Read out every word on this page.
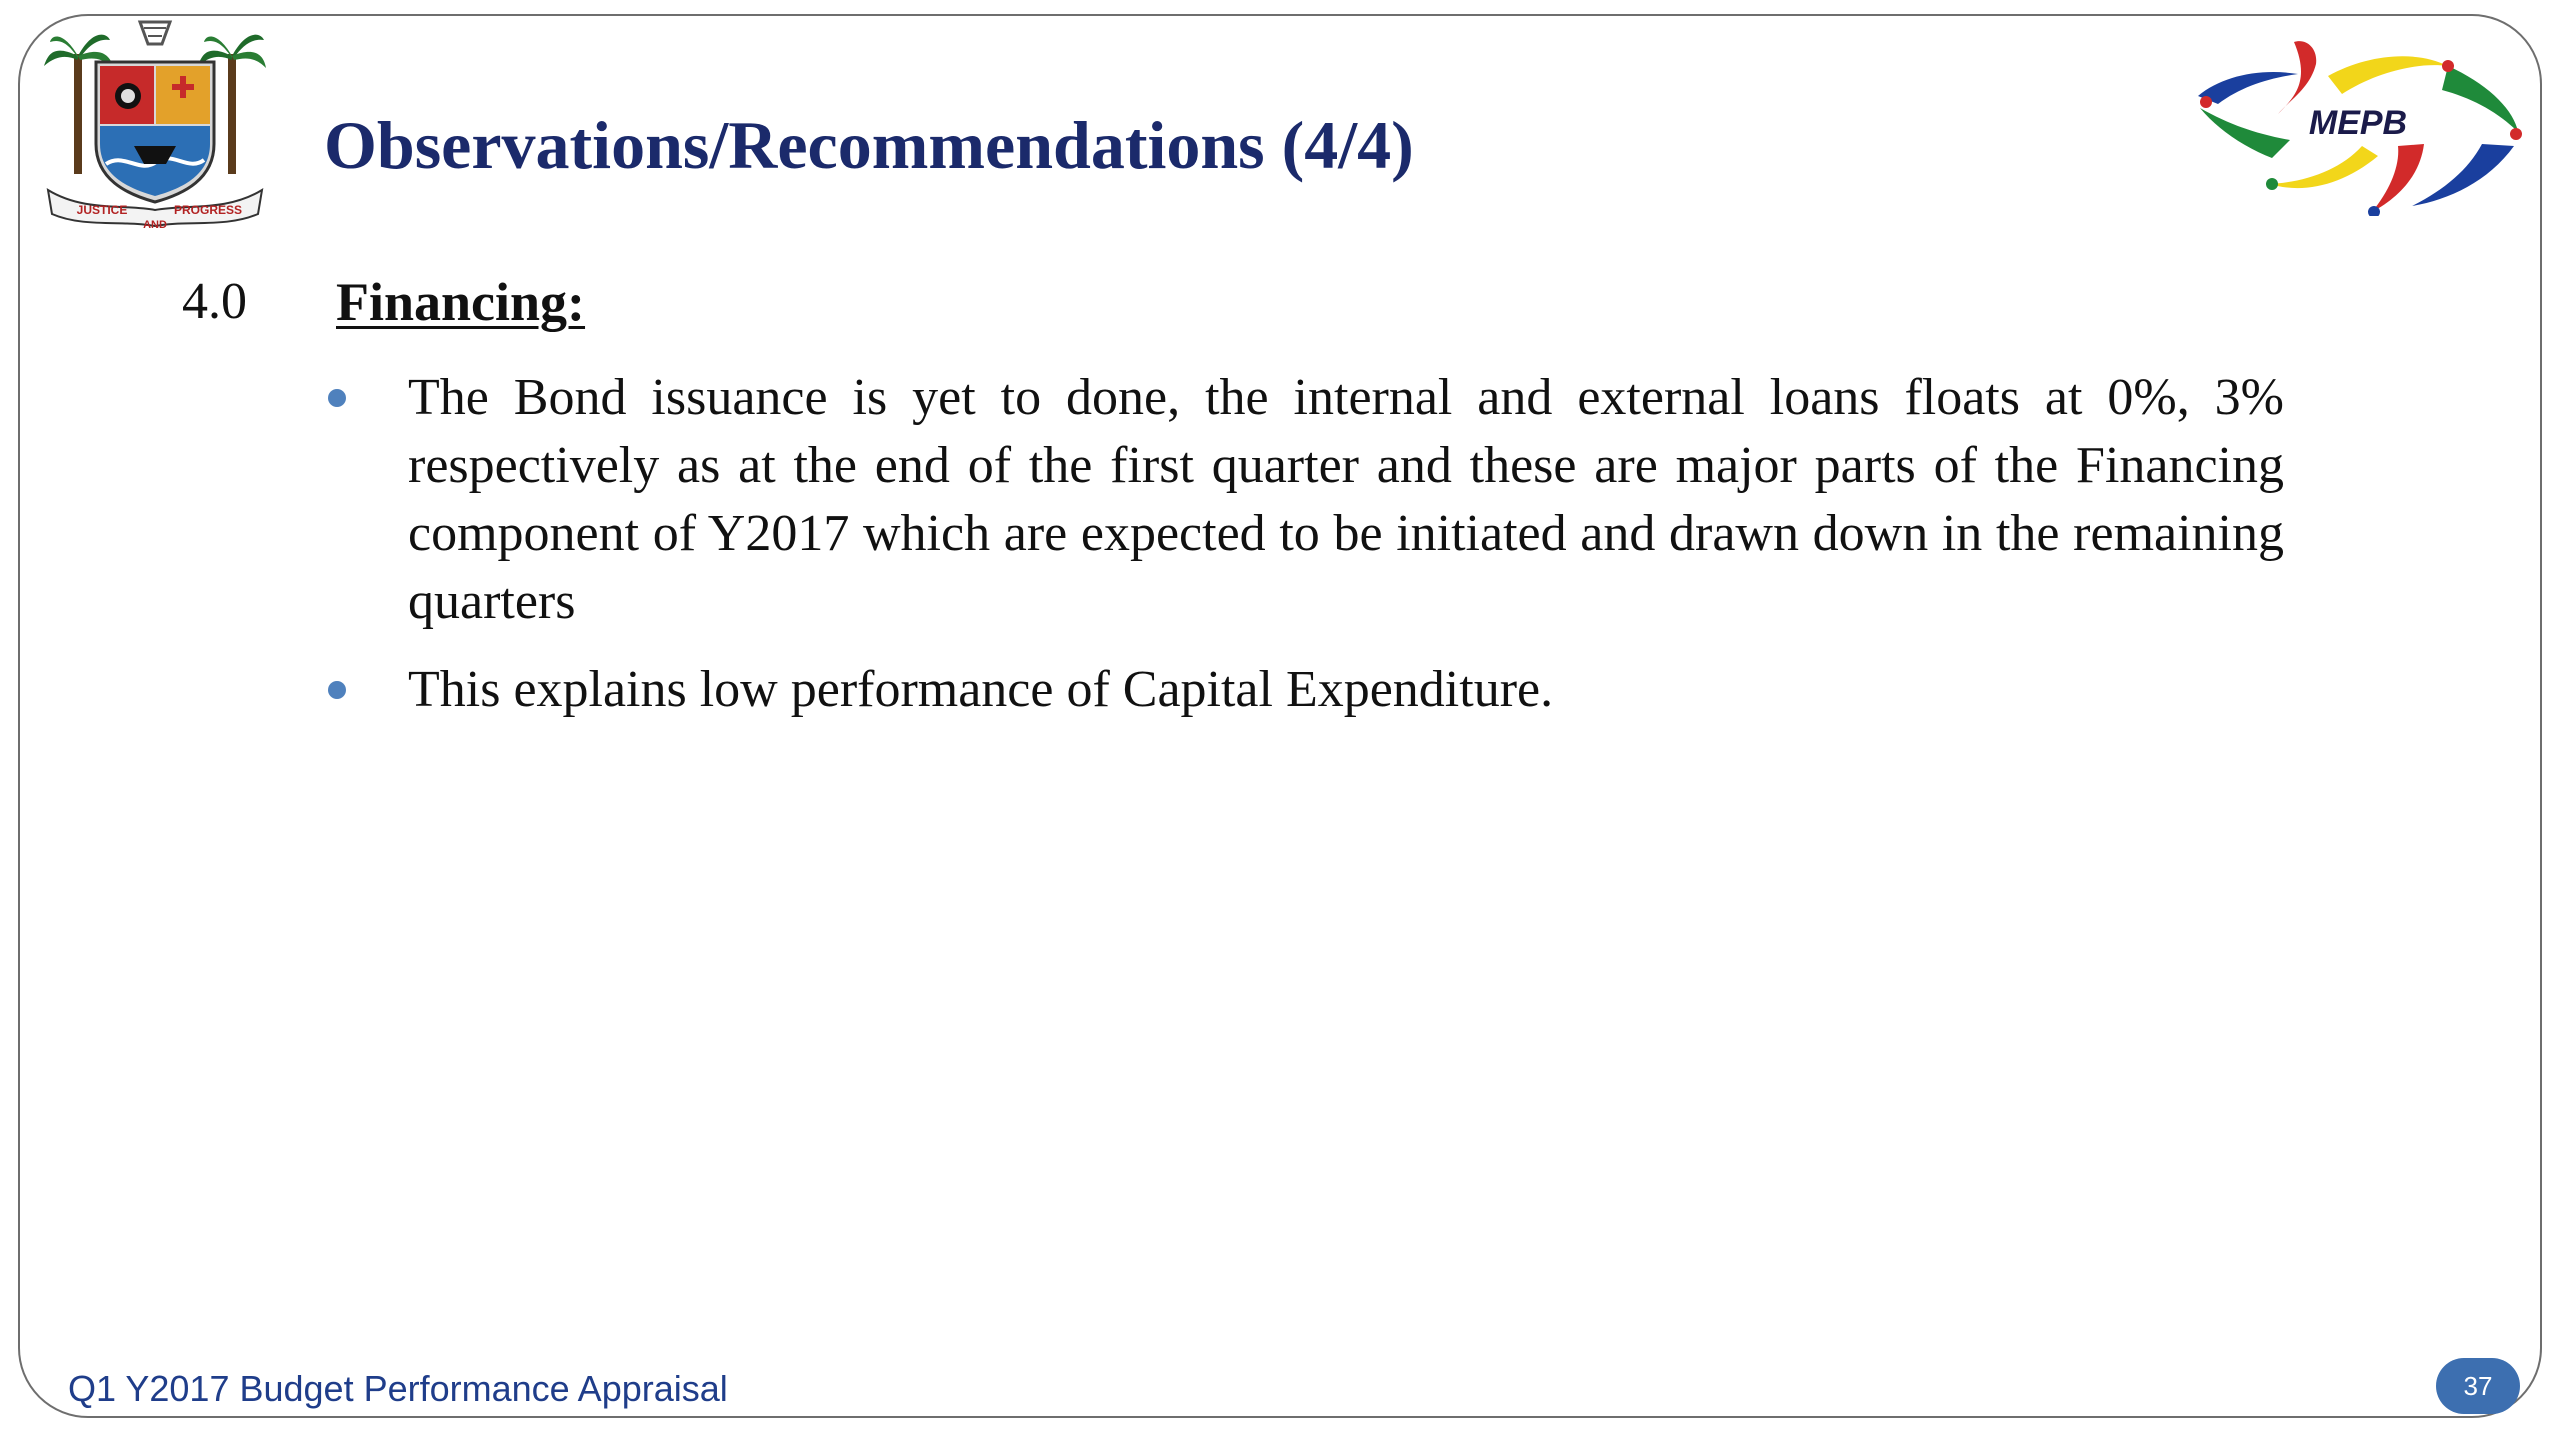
JUSTICE
AND
PROGRESS
MEPB
Observations/Recommendations (4/4)
4.0 Financing:
The Bond issuance is yet to done, the internal and external loans floats at 0%, 3% respectively as at the end of the first quarter and these are major parts of the Financing component of Y2017 which are expected to be initiated and drawn down in the remaining quarters
This explains low performance of Capital Expenditure.
Q1 Y2017 Budget Performance Appraisal	37
